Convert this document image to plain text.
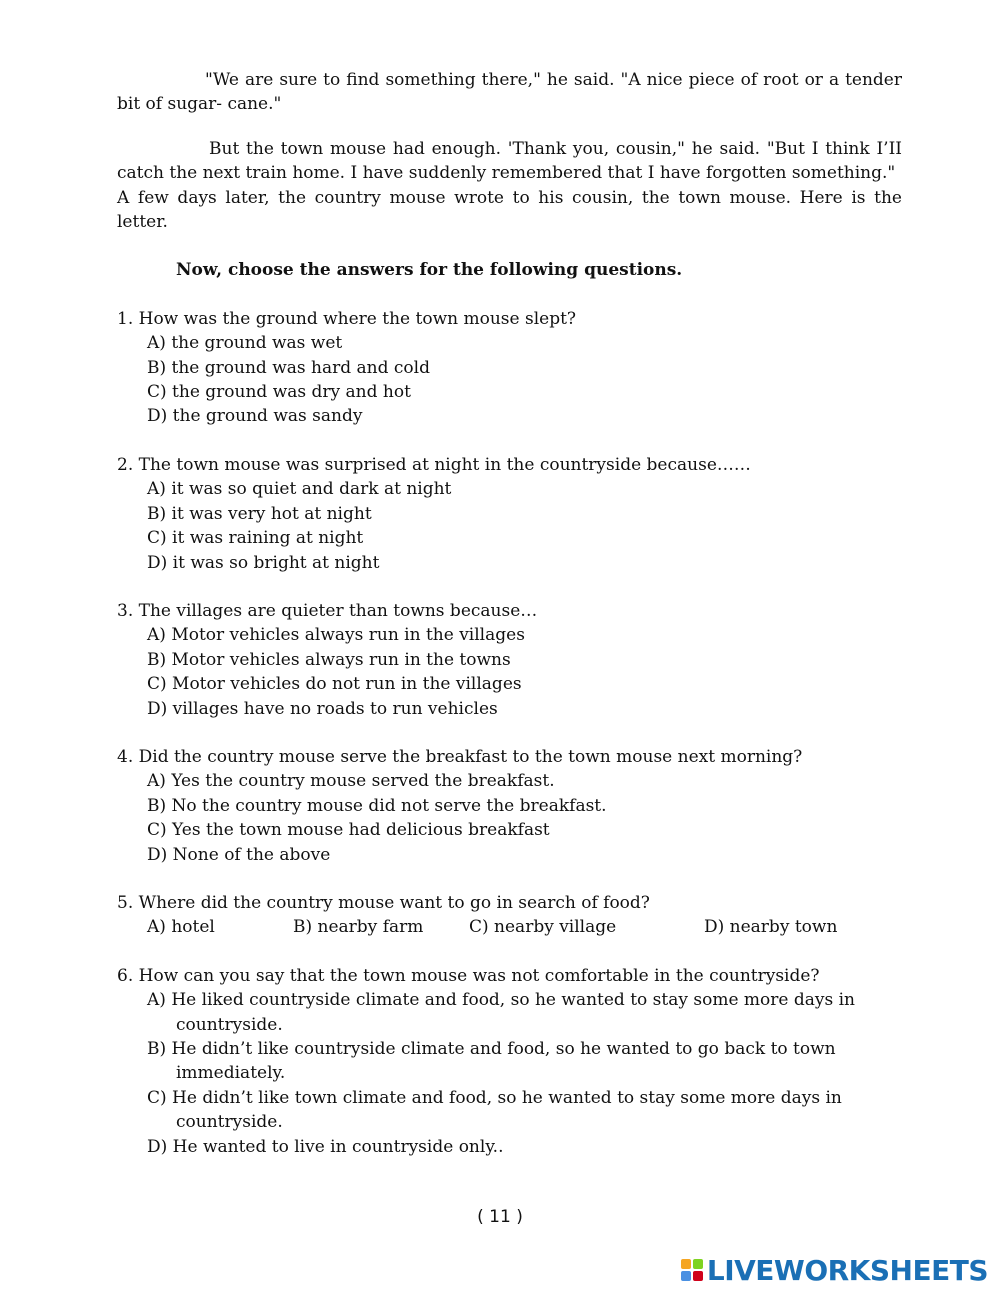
"We are sure to find something there," he said. "A nice piece of root or a tender bit of sugar- cane."

But the town mouse had enough. 'Thank you, cousin," he said. "But I think I’II catch the next train home. I have suddenly remembered that I have forgotten something."

A few days later, the country mouse wrote to his cousin, the town mouse. Here is the letter.

Now, choose the answers for the following questions.

1. How was the ground where the town mouse slept?

A) the ground was wet
B) the ground was hard and cold
C) the ground was dry and hot
D) the ground was sandy

2. The town mouse was surprised at night in the countryside because……

A) it was so quiet and dark at night
B) it was very hot at night
C) it was raining at night
D) it was so bright at night

3. The villages are quieter than towns because…

A) Motor vehicles always run in the villages
B) Motor vehicles always run in the towns
C) Motor vehicles do not run in the villages
D) villages have no roads to run vehicles

4. Did the country mouse serve the breakfast to the town mouse next morning?

A) Yes the country mouse served the breakfast.
B) No the country mouse did not serve the breakfast.
C) Yes the town mouse had delicious breakfast
D) None of the above

5. Where did the country mouse want to go in search of food?

A) hotel	B) nearby farm	C) nearby village	D) nearby town

6. How can you say that the town mouse was not comfortable in the countryside?

A) He liked countryside climate and food, so he wanted to stay some more days in countryside.
B) He didn’t like countryside climate and food, so he wanted to go back to town immediately.
C) He didn’t like town climate and food, so he wanted to stay some more days in countryside.
D) He wanted to live in countryside only..
( 11 )
LIVEWORKSHEETS
